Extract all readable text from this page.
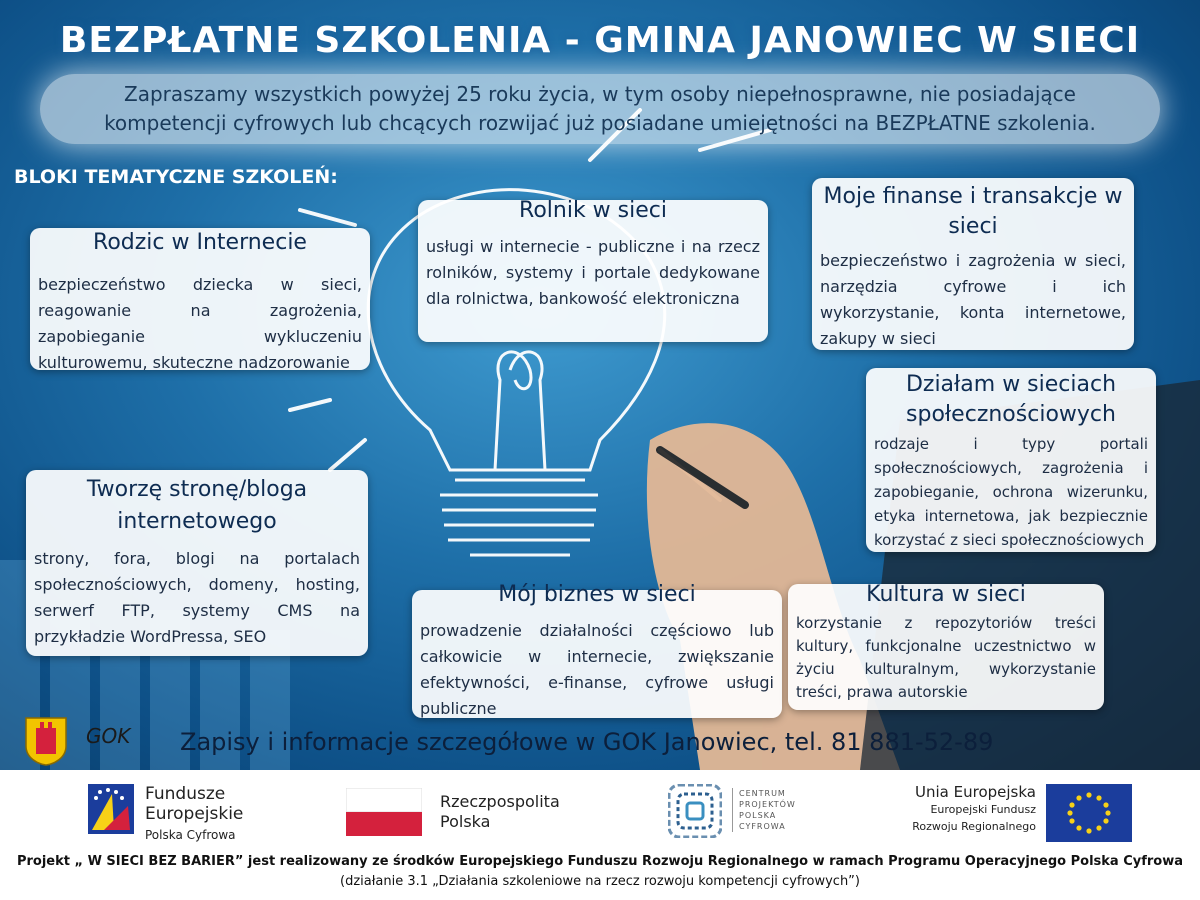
BEZPŁATNE SZKOLENIA - GMINA JANOWIEC W SIECI
Zapraszamy wszystkich powyżej 25 roku życia, w tym osoby niepełnosprawne, nie posiadające
kompetencji cyfrowych lub chcących rozwijać już posiadane umiejętności na BEZPŁATNE szkolenia.
BLOKI TEMATYCZNE SZKOLEŃ:
bezpieczeństwo dziecka w sieci, reagowanie na zagrożenia, zapobieganie wykluczeniu kulturowemu, skuteczne nadzorowanie
Rodzic w Internecie	usługi w internecie - publiczne i na rzecz rolników, systemy i portale dedykowane dla rolnictwa, bankowość elektroniczna
Rolnik w sieci
bezpieczeństwo i zagrożenia w sieci, narzędzia cyfrowe i ich wykorzystanie, konta internetowe, zakupy w sieci
Moje finanse i transakcje w sieci
rodzaje i typy portali społecznościowych, zagrożenia i zapobieganie, ochrona wizerunku, etyka internetowa, jak bezpiecznie korzystać z sieci społecznościowych
Działam w sieciach społecznościowych
strony, fora, blogi na portalach społecznościowych, domeny, hosting, serwerf FTP, systemy CMS na przykładzie WordPressa, SEO
Tworzę stronę/bloga internetowego
prowadzenie działalności częściowo lub całkowicie w internecie, zwiększanie efektywności, e-finanse, cyfrowe usługi publiczne
Mój biznes w sieci
korzystanie z repozytoriów treści kultury, funkcjonalne uczestnictwo w życiu kulturalnym, wykorzystanie treści, prawa autorskie
Kultura w sieci
GOK Zapisy i informacje szczegółowe w GOK Janowiec, tel. 81 881-52-89
Fundusze
Europejskie
Polska Cyfrowa
Rzeczpospolita
Polska
CENTRUM
PROJEKTÓW
POLSKA
CYFROWA
Unia Europejska
Europejski Fundusz
Rozwoju Regionalnego
Projekt „ W SIECI BEZ BARIER” jest realizowany ze środków Europejskiego Funduszu Rozwoju Regionalnego w ramach Programu Operacyjnego Polska Cyfrowa
(działanie 3.1 „Działania szkoleniowe na rzecz rozwoju kompetencji cyfrowych”)
